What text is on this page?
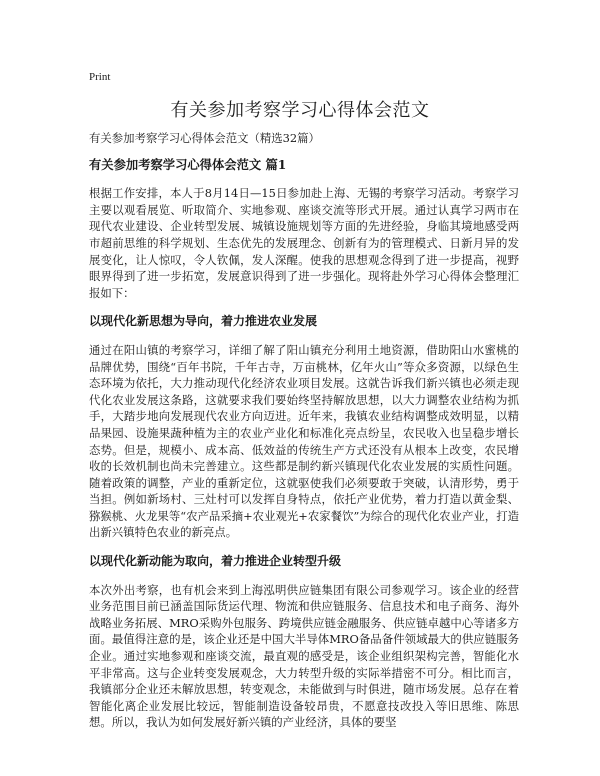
Print
有关参加考察学习心得体会范文

有关参加考察学习心得体会范文（精选32篇）

有关参加考察学习心得体会范文 篇1

根据工作安排，本人于8月14日—15日参加赴上海、无锡的考察学习活动。考察学习主要以观看展览、听取简介、实地参观、座谈交流等形式开展。通过认真学习两市在现代农业建设、企业转型发展、城镇设施规划等方面的先进经验，身临其境地感受两市超前思维的科学规划、生态优先的发展理念、创新有为的管理模式、日新月异的发展变化，让人惊叹，令人钦佩，发人深醒。使我的思想观念得到了进一步提高，视野眼界得到了进一步拓宽，发展意识得到了进一步强化。现将赴外学习心得体会整理汇报如下：

以现代化新思想为导向，着力推进农业发展

通过在阳山镇的考察学习，详细了解了阳山镇充分利用土地资源，借助阳山水蜜桃的品牌优势，围绕“百年书院，千年古寺，万亩桃林，亿年火山”等众多资源，以绿色生态环境为依托，大力推动现代化经济农业项目发展。这就告诉我们新兴镇也必须走现代化农业发展这条路，这就要求我们要始终坚持解放思想，以大力调整农业结构为抓手，大踏步地向发展现代农业方向迈进。近年来，我镇农业结构调整成效明显，以精品果园、设施果蔬种植为主的农业产业化和标准化亮点纷呈，农民收入也呈稳步增长态势。但是，规模小、成本高、低效益的传统生产方式还没有从根本上改变，农民增收的长效机制也尚未完善建立。这些都是制约新兴镇现代化农业发展的实质性问题。随着政策的调整，产业的重新定位，这就驱使我们必须要敢于突破，认清形势，勇于当担。例如新场村、三灶村可以发挥自身特点，依托产业优势，着力打造以黄金梨、猕猴桃、火龙果等“农产品采摘+农业观光+农家餐饮”为综合的现代化农业产业，打造出新兴镇特色农业的新亮点。

以现代化新动能为取向，着力推进企业转型升级

本次外出考察，也有机会来到上海泓明供应链集团有限公司参观学习。该企业的经营业务范围目前已涵盖国际货运代理、物流和供应链服务、信息技术和电子商务、海外战略业务拓展、MRO采购外包服务、跨境供应链金融服务、供应链卓越中心等诸多方面。最值得注意的是，该企业还是中国大半导体MRO备品备件领域最大的供应链服务企业。通过实地参观和座谈交流，最直观的感受是，该企业组织架构完善，智能化水平非常高。这与企业转变发展观念，大力转型升级的实际举措密不可分。相比而言，我镇部分企业还未解放思想，转变观念，未能做到与时俱进，随市场发展。总存在着智能化离企业发展比较远，智能制造设备较昂贵，不愿意技改投入等旧思维、陈思想。所以，我认为如何发展好新兴镇的产业经济，具体的要坚
